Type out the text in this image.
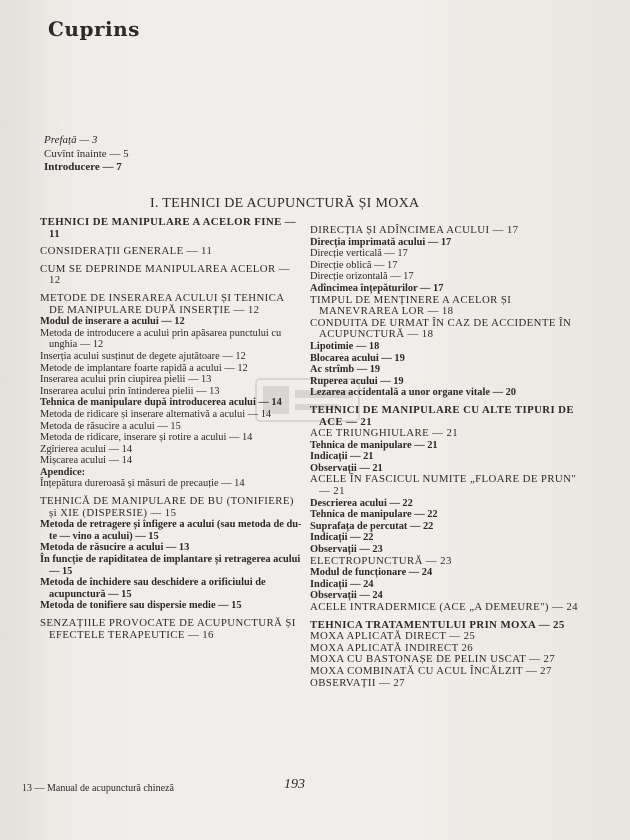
Cuprins
Prefață — 3
Cuvînt înainte — 5
Introducere — 7
I. TEHNICI DE ACUPUNCTURĂ ȘI MOXA
TEHNICI DE MANIPULARE A ACELOR FINE — 11
CONSIDERAȚII GENERALE — 11
CUM SE DEPRINDE MANIPULAREA ACELOR — 12
METODE DE INSERAREA ACULUI ȘI TEHNICA DE MANIPULARE DUPĂ INSERȚIE — 12
Modul de inserare a acului — 12
Metoda de introducere a acului prin apăsarea punctului cu unghia — 12
Inserția acului susținut de degete ajutătoare — 12
Metode de implantare foarte rapidă a acului — 12
Inserarea acului prin ciupirea pielii — 13
Inserarea acului prin întinderea pielii — 13
Tehnica de manipulare după introducerea acului — 14
Metoda de ridicare și inserare alternativă a acului — 14
Metoda de răsucire a acului — 15
Metoda de ridicare, inserare și rotire a acului — 14
Zgîrierea acului — 14
Mișcarea acului — 14
Apendice:
Înțepătura dureroasă și măsuri de precauție — 14
TEHNICĂ DE MANIPULARE DE BU (TONIFIERE) și XIE (DISPERSIE) — 15
Metoda de retragere și înfigere a acului (sau metoda de du-te — vino a acului) — 15
Metoda de răsucire a acului — 13
În funcție de rapiditatea de implantare și retragerea acului — 15
Metoda de închidere sau deschidere a orificiului de acupunctură — 15
Metoda de tonifiere sau dispersie medie — 15
SENZAȚIILE PROVOCATE DE ACUPUNCTURĂ ȘI EFECTELE TERAPEUTICE — 16
DIRECȚIA ȘI ADÎNCIMEA ACULUI — 17
Direcția imprimată acului — 17
Direcție verticală — 17
Direcție oblică — 17
Direcție orizontală — 17
Adîncimea înțepăturilor — 17
TIMPUL DE MENȚINERE A ACELOR ȘI MANEVRAREA LOR — 18
CONDUITA DE URMAT ÎN CAZ DE ACCIDENTE ÎN ACUPUNCTURĂ — 18
Lipotimie — 18
Blocarea acului — 19
Ac strîmb — 19
Ruperea acului — 19
Lezarea accidentală a unor organe vitale — 20
TEHNICI DE MANIPULARE CU ALTE TIPURI DE ACE — 21
ACE TRIUNGHIULARE — 21
Tehnica de manipulare — 21
Indicații — 21
Observații — 21
ACELE ÎN FASCICUL NUMITE „FLOARE DE PRUN" — 21
Descrierea acului — 22
Tehnica de manipulare — 22
Suprafața de percutat — 22
Indicații — 22
Observații — 23
ELECTROPUNCTURĂ — 23
Modul de funcționare — 24
Indicații — 24
Observații — 24
ACELE INTRADERMICE (ACE „A DEMEURE") — 24
TEHNICA TRATAMENTULUI PRIN MOXA — 25
MOXA APLICATĂ DIRECT — 25
MOXA APLICATĂ INDIRECT 26
MOXA CU BASTONAȘE DE PELIN USCAT — 27
MOXA COMBINATĂ CU ACUL ÎNCĂLZIT — 27
OBSERVAȚII — 27
13 — Manual de acupunctură chineză	193
